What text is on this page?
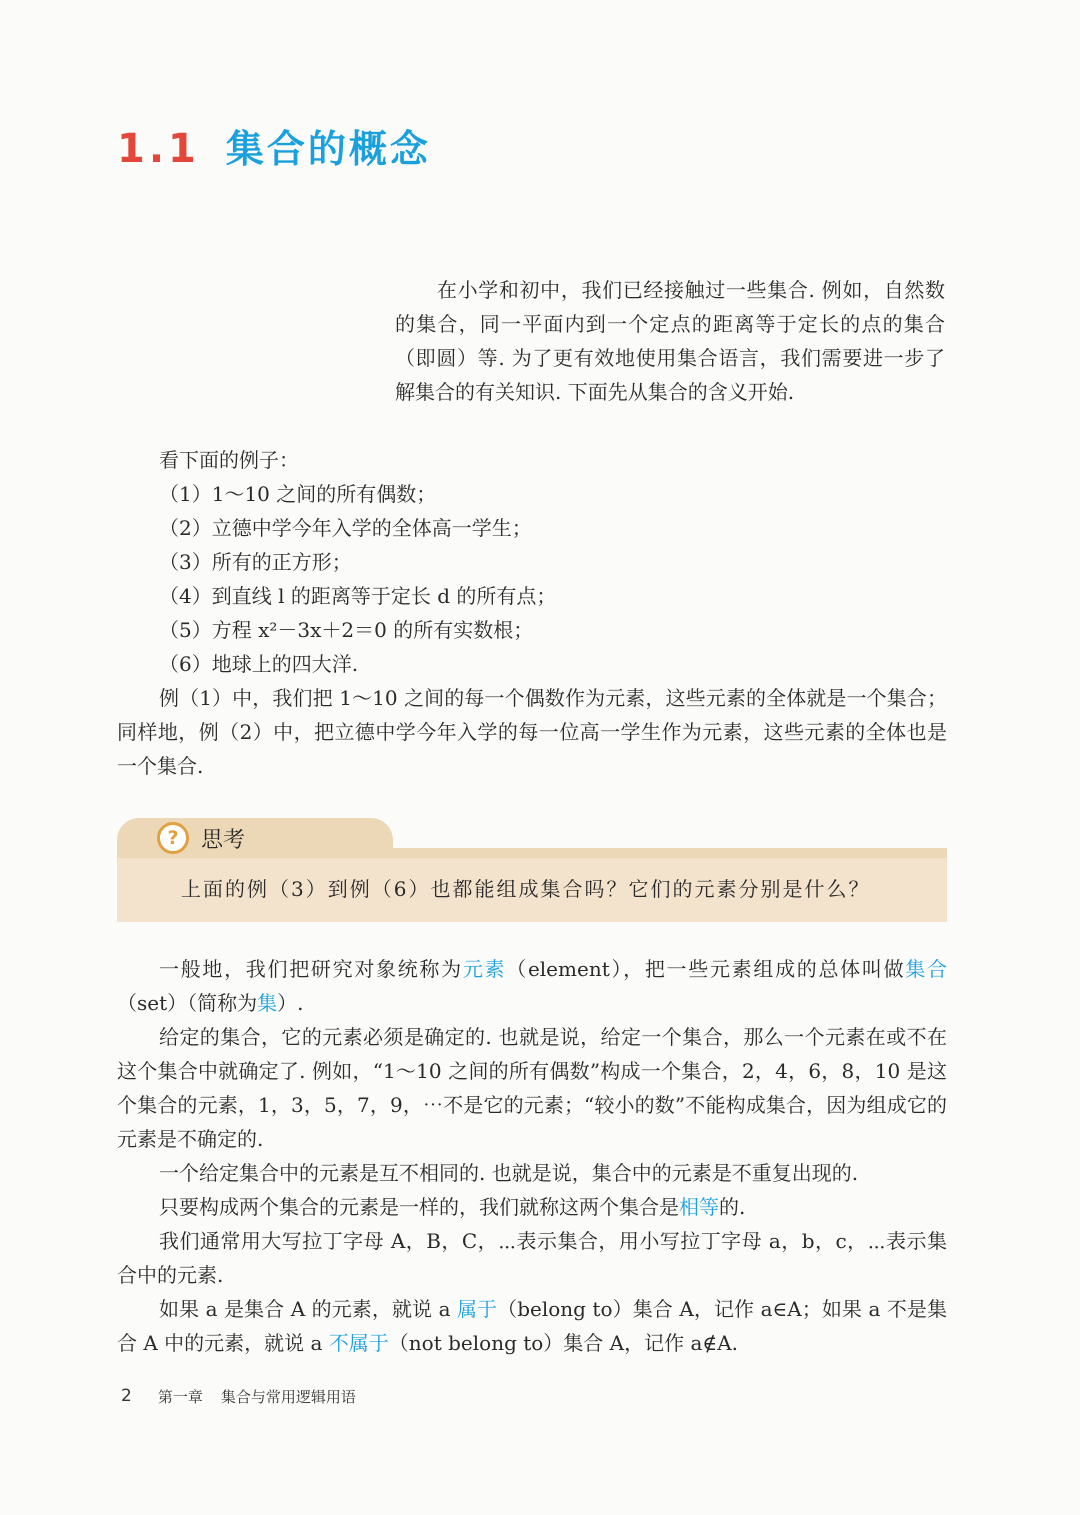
1.1 集合的概念

在小学和初中，我们已经接触过一些集合. 例如，自然数的集合，同一平面内到一个定点的距离等于定长的点的集合（即圆）等. 为了更有效地使用集合语言，我们需要进一步了解集合的有关知识. 下面先从集合的含义开始.

看下面的例子：

（1）1～10 之间的所有偶数；

（2）立德中学今年入学的全体高一学生；

（3）所有的正方形；

（4）到直线 l 的距离等于定长 d 的所有点；

（5）方程 x²－3x＋2＝0 的所有实数根；

（6）地球上的四大洋.

例（1）中，我们把 1～10 之间的每一个偶数作为元素，这些元素的全体就是一个集合；同样地，例（2）中，把立德中学今年入学的每一位高一学生作为元素，这些元素的全体也是一个集合.

?	思考

上面的例（3）到例（6）也都能组成集合吗？它们的元素分别是什么？

一般地，我们把研究对象统称为元素（element），把一些元素组成的总体叫做集合（set）（简称为集）.

给定的集合，它的元素必须是确定的. 也就是说，给定一个集合，那么一个元素在或不在这个集合中就确定了. 例如，“1～10 之间的所有偶数”构成一个集合，2，4，6，8，10 是这个集合的元素，1，3，5，7，9，⋯不是它的元素；“较小的数”不能构成集合，因为组成它的元素是不确定的.

一个给定集合中的元素是互不相同的. 也就是说，集合中的元素是不重复出现的.

只要构成两个集合的元素是一样的，我们就称这两个集合是相等的.

我们通常用大写拉丁字母 A，B，C，⋯表示集合，用小写拉丁字母 a，b，c，⋯表示集合中的元素.

如果 a 是集合 A 的元素，就说 a 属于（belong to）集合 A，记作 a∈A；如果 a 不是集合 A 中的元素，就说 a 不属于（not belong to）集合 A，记作 a∉A.

2 第一章 集合与常用逻辑用语
